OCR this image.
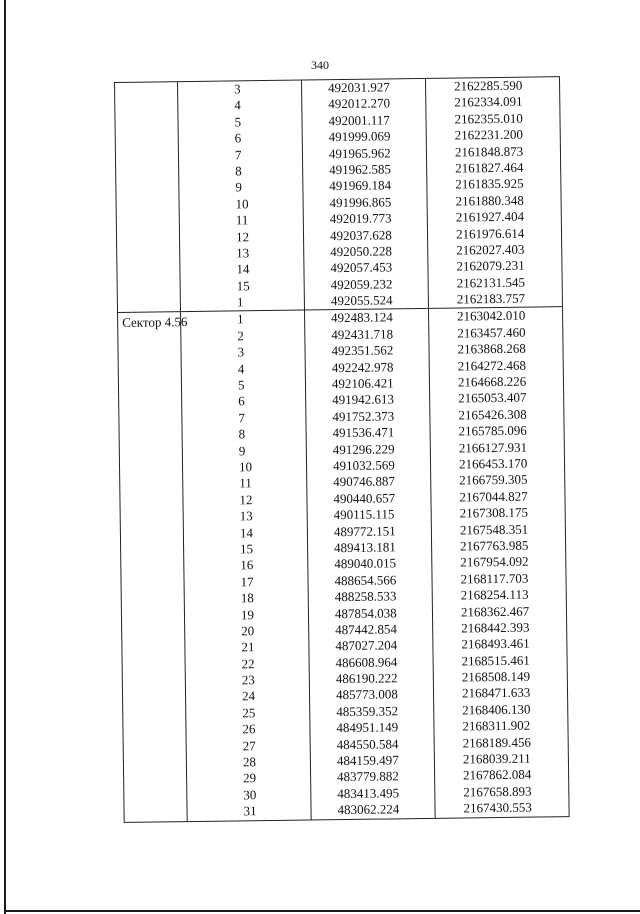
340
3	492031.927	2162285.590
4	492012.270	2162334.091
5	492001.117	2162355.010
6	491999.069	2162231.200
7	491965.962	2161848.873
8	491962.585	2161827.464
9	491969.184	2161835.925
10	491996.865	2161880.348
11	492019.773	2161927.404
12	492037.628	2161976.614
13	492050.228	2162027.403
14	492057.453	2162079.231
15	492059.232	2162131.545
1	492055.524	2162183.757
Сектор 4.56	1	492483.124	2163042.010
2	492431.718	2163457.460
3	492351.562	2163868.268
4	492242.978	2164272.468
5	492106.421	2164668.226
6	491942.613	2165053.407
7	491752.373	2165426.308
8	491536.471	2165785.096
9	491296.229	2166127.931
10	491032.569	2166453.170
11	490746.887	2166759.305
12	490440.657	2167044.827
13	490115.115	2167308.175
14	489772.151	2167548.351
15	489413.181	2167763.985
16	489040.015	2167954.092
17	488654.566	2168117.703
18	488258.533	2168254.113
19	487854.038	2168362.467
20	487442.854	2168442.393
21	487027.204	2168493.461
22	486608.964	2168515.461
23	486190.222	2168508.149
24	485773.008	2168471.633
25	485359.352	2168406.130
26	484951.149	2168311.902
27	484550.584	2168189.456
28	484159.497	2168039.211
29	483779.882	2167862.084
30	483413.495	2167658.893
31	483062.224	2167430.553
